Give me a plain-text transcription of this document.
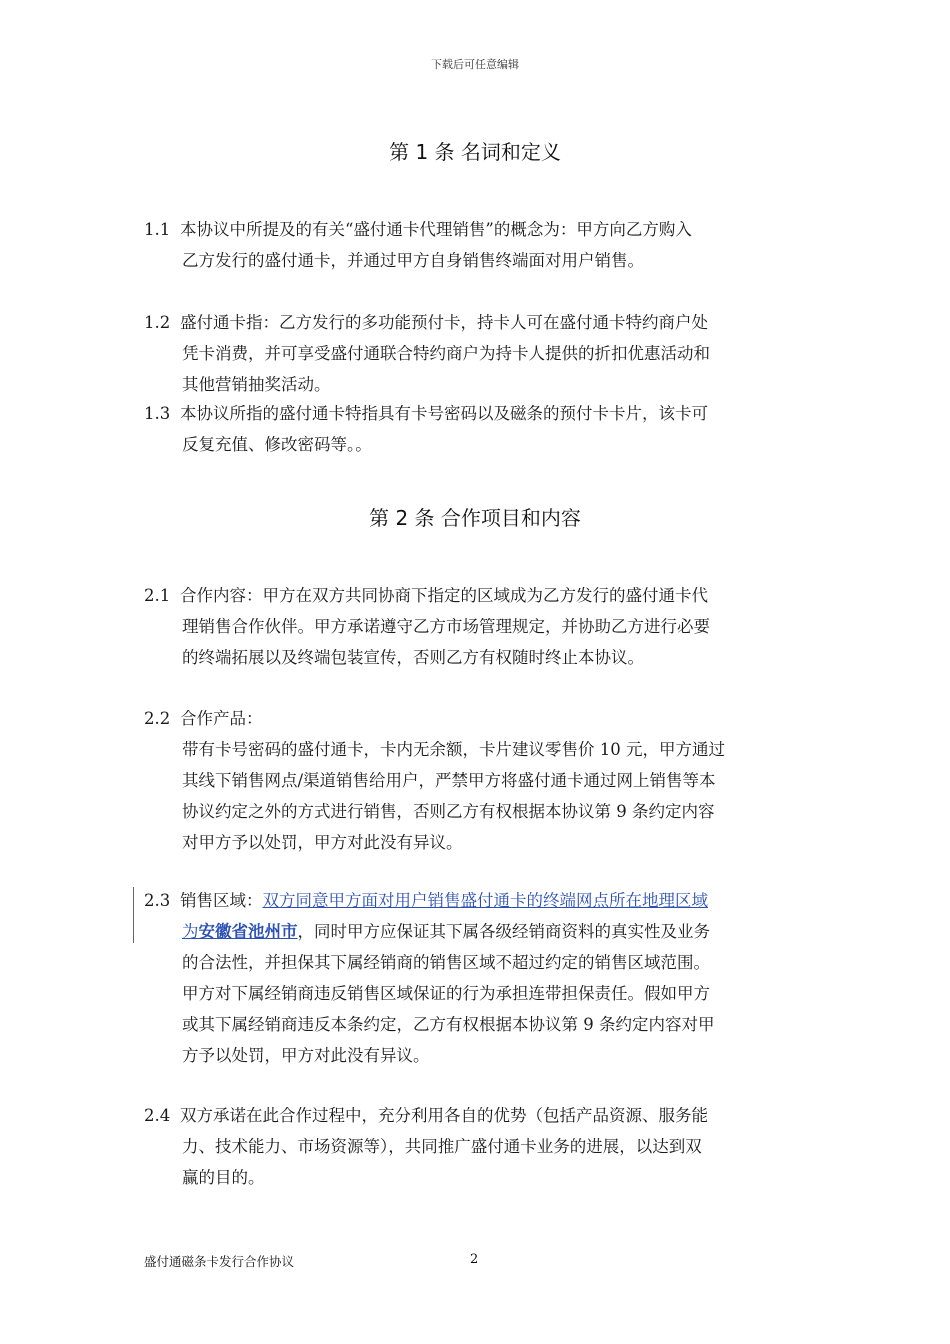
下载后可任意编辑
第 1 条 名词和定义
1.1 本协议中所提及的有关“盛付通卡代理销售”的概念为：甲方向乙方购入
乙方发行的盛付通卡，并通过甲方自身销售终端面对用户销售。
1.2 盛付通卡指：乙方发行的多功能预付卡，持卡人可在盛付通卡特约商户处
凭卡消费，并可享受盛付通联合特约商户为持卡人提供的折扣优惠活动和
其他营销抽奖活动。
1.3 本协议所指的盛付通卡特指具有卡号密码以及磁条的预付卡卡片，该卡可
反复充值、修改密码等。。
第 2 条 合作项目和内容
2.1 合作内容：甲方在双方共同协商下指定的区域成为乙方发行的盛付通卡代
理销售合作伙伴。甲方承诺遵守乙方市场管理规定，并协助乙方进行必要
的终端拓展以及终端包装宣传，否则乙方有权随时终止本协议。
2.2 合作产品：
带有卡号密码的盛付通卡，卡内无余额，卡片建议零售价 10 元，甲方通过
其线下销售网点/渠道销售给用户，严禁甲方将盛付通卡通过网上销售等本
协议约定之外的方式进行销售，否则乙方有权根据本协议第 9 条约定内容
对甲方予以处罚，甲方对此没有异议。
2.3 销售区域：双方同意甲方面对用户销售盛付通卡的终端网点所在地理区域
为安徽省池州市，同时甲方应保证其下属各级经销商资料的真实性及业务
的合法性，并担保其下属经销商的销售区域不超过约定的销售区域范围。
甲方对下属经销商违反销售区域保证的行为承担连带担保责任。假如甲方
或其下属经销商违反本条约定，乙方有权根据本协议第 9 条约定内容对甲
方予以处罚，甲方对此没有异议。
2.4 双方承诺在此合作过程中，充分利用各自的优势（包括产品资源、服务能
力、技术能力、市场资源等），共同推广盛付通卡业务的进展，以达到双
赢的目的。
盛付通磁条卡发行合作协议	2
